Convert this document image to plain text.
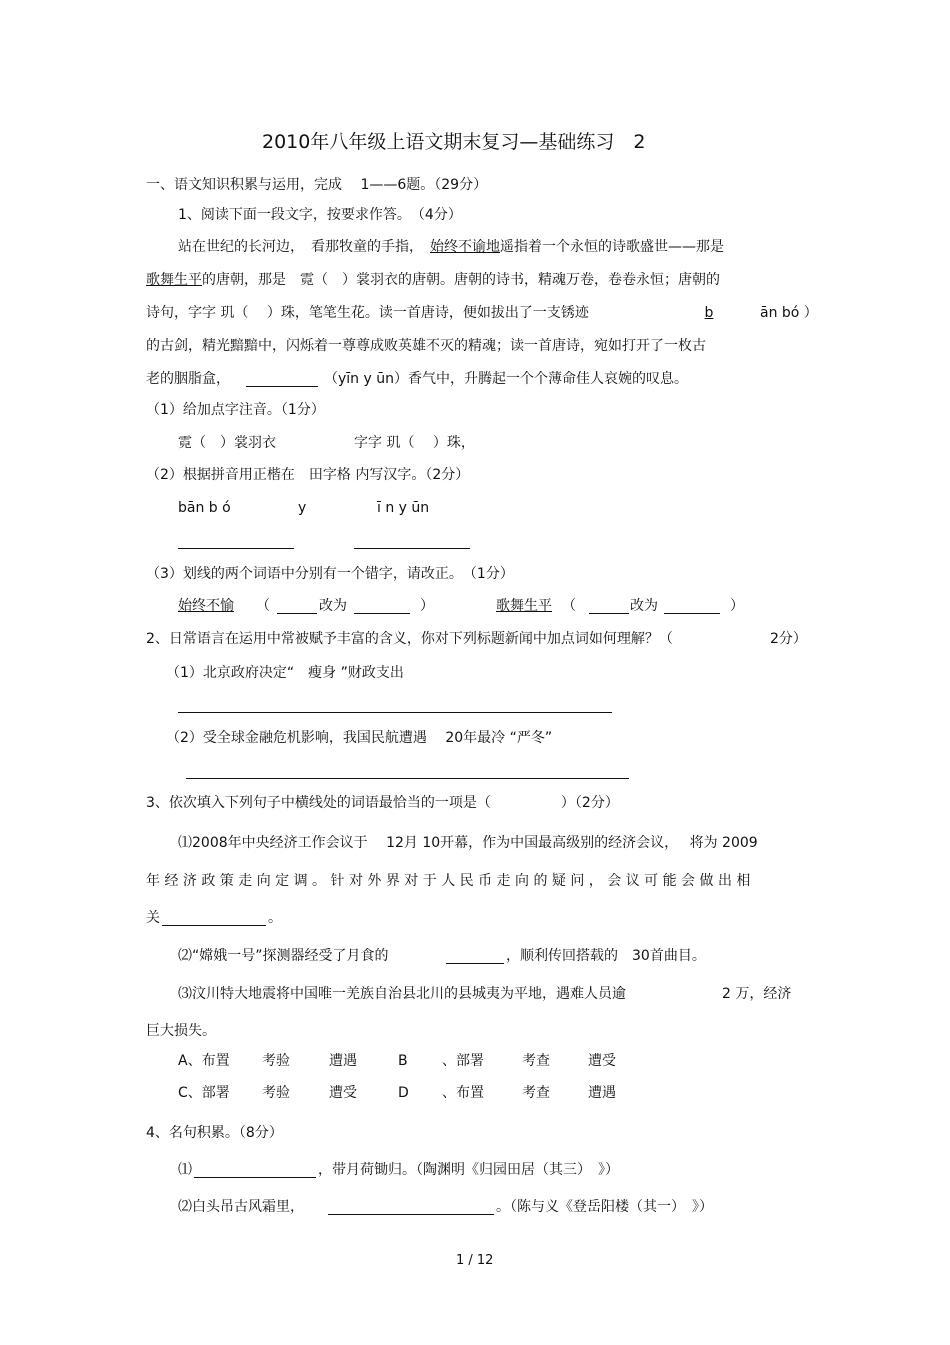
2010年八年级上语文期末复习—基础练习　2
一、语文知识积累与运用，完成　 1——6题。（29分）
1、阅读下面一段文字，按要求作答。　（4分）
站在世纪的长河边，　看那牧童的手指，　始终不谕地遥指着一个永恒的诗歌盛世——那是
歌舞生平的唐朝，那是　霓（　）裳羽衣的唐朝。唐朝的诗书，精魂万卷，卷卷永恒；唐朝的
诗句，字字 玑（　 ）珠，笔笔生花。读一首唐诗，便如拔出了一支锈迹	b	ān bó ）
的古剑，精光黯黯中，闪烁着一尊尊成败英雄不灭的精魂；读一首唐诗，宛如打开了一枚古
老的胭脂盒，	（yīn y ūn）香气中，升腾起一个个薄命佳人哀婉的叹息。
（1）给加点字注音。（1分）
霓（　）裳羽衣	字字 玑（　 ）珠，
（2）根据拼音用正楷在　田字格 内写汉字。（2分）
bān b ó	y	ī n y ūn
（3）划线的两个词语中分别有一个错字，请改正。　（1分）
始终不愉 （	改为	）	歌舞生平 （	改为	）
2、日常语言在运用中常被赋予丰富的含义，你对下列标题新闻中加点词如何理解？（	2分）
（1）北京政府决定“　瘦身 ”财政支出
（2）受全球金融危机影响，我国民航遭遇　 20年最冷 “严冬”
3、依次填入下列句子中横线处的词语最恰当的一项是（　　　　　）（2分）
⑴2008年中央经济工作会议于　 12月 10开幕，作为中国最高级别的经济会议，　 将为 2009
年 经 济 政 策 走 向 定 调 。 针 对 外 界 对 于 人 民 币 走 向 的 疑 问 ， 会 议 可 能 会 做 出 相
关	。
⑵“嫦娥一号”探测器经受了月食的	，顺利传回搭载的　30首曲目。
⑶汶川特大地震将中国唯一羌族自治县北川的县城夷为平地，遇难人员逾	2 万，经济
巨大损失。
A、布置 考验	遭遇	B 、部署	考查	遭受
C、部署 考验	遭受	D 、布置	考查	遭遇
4、名句积累。（8分）
⑴	，带月荷锄归。（陶渊明《归园田居（其三）　》）
⑵白头吊古风霜里，	。（陈与义《登岳阳楼（其一）　》）
1 / 12
